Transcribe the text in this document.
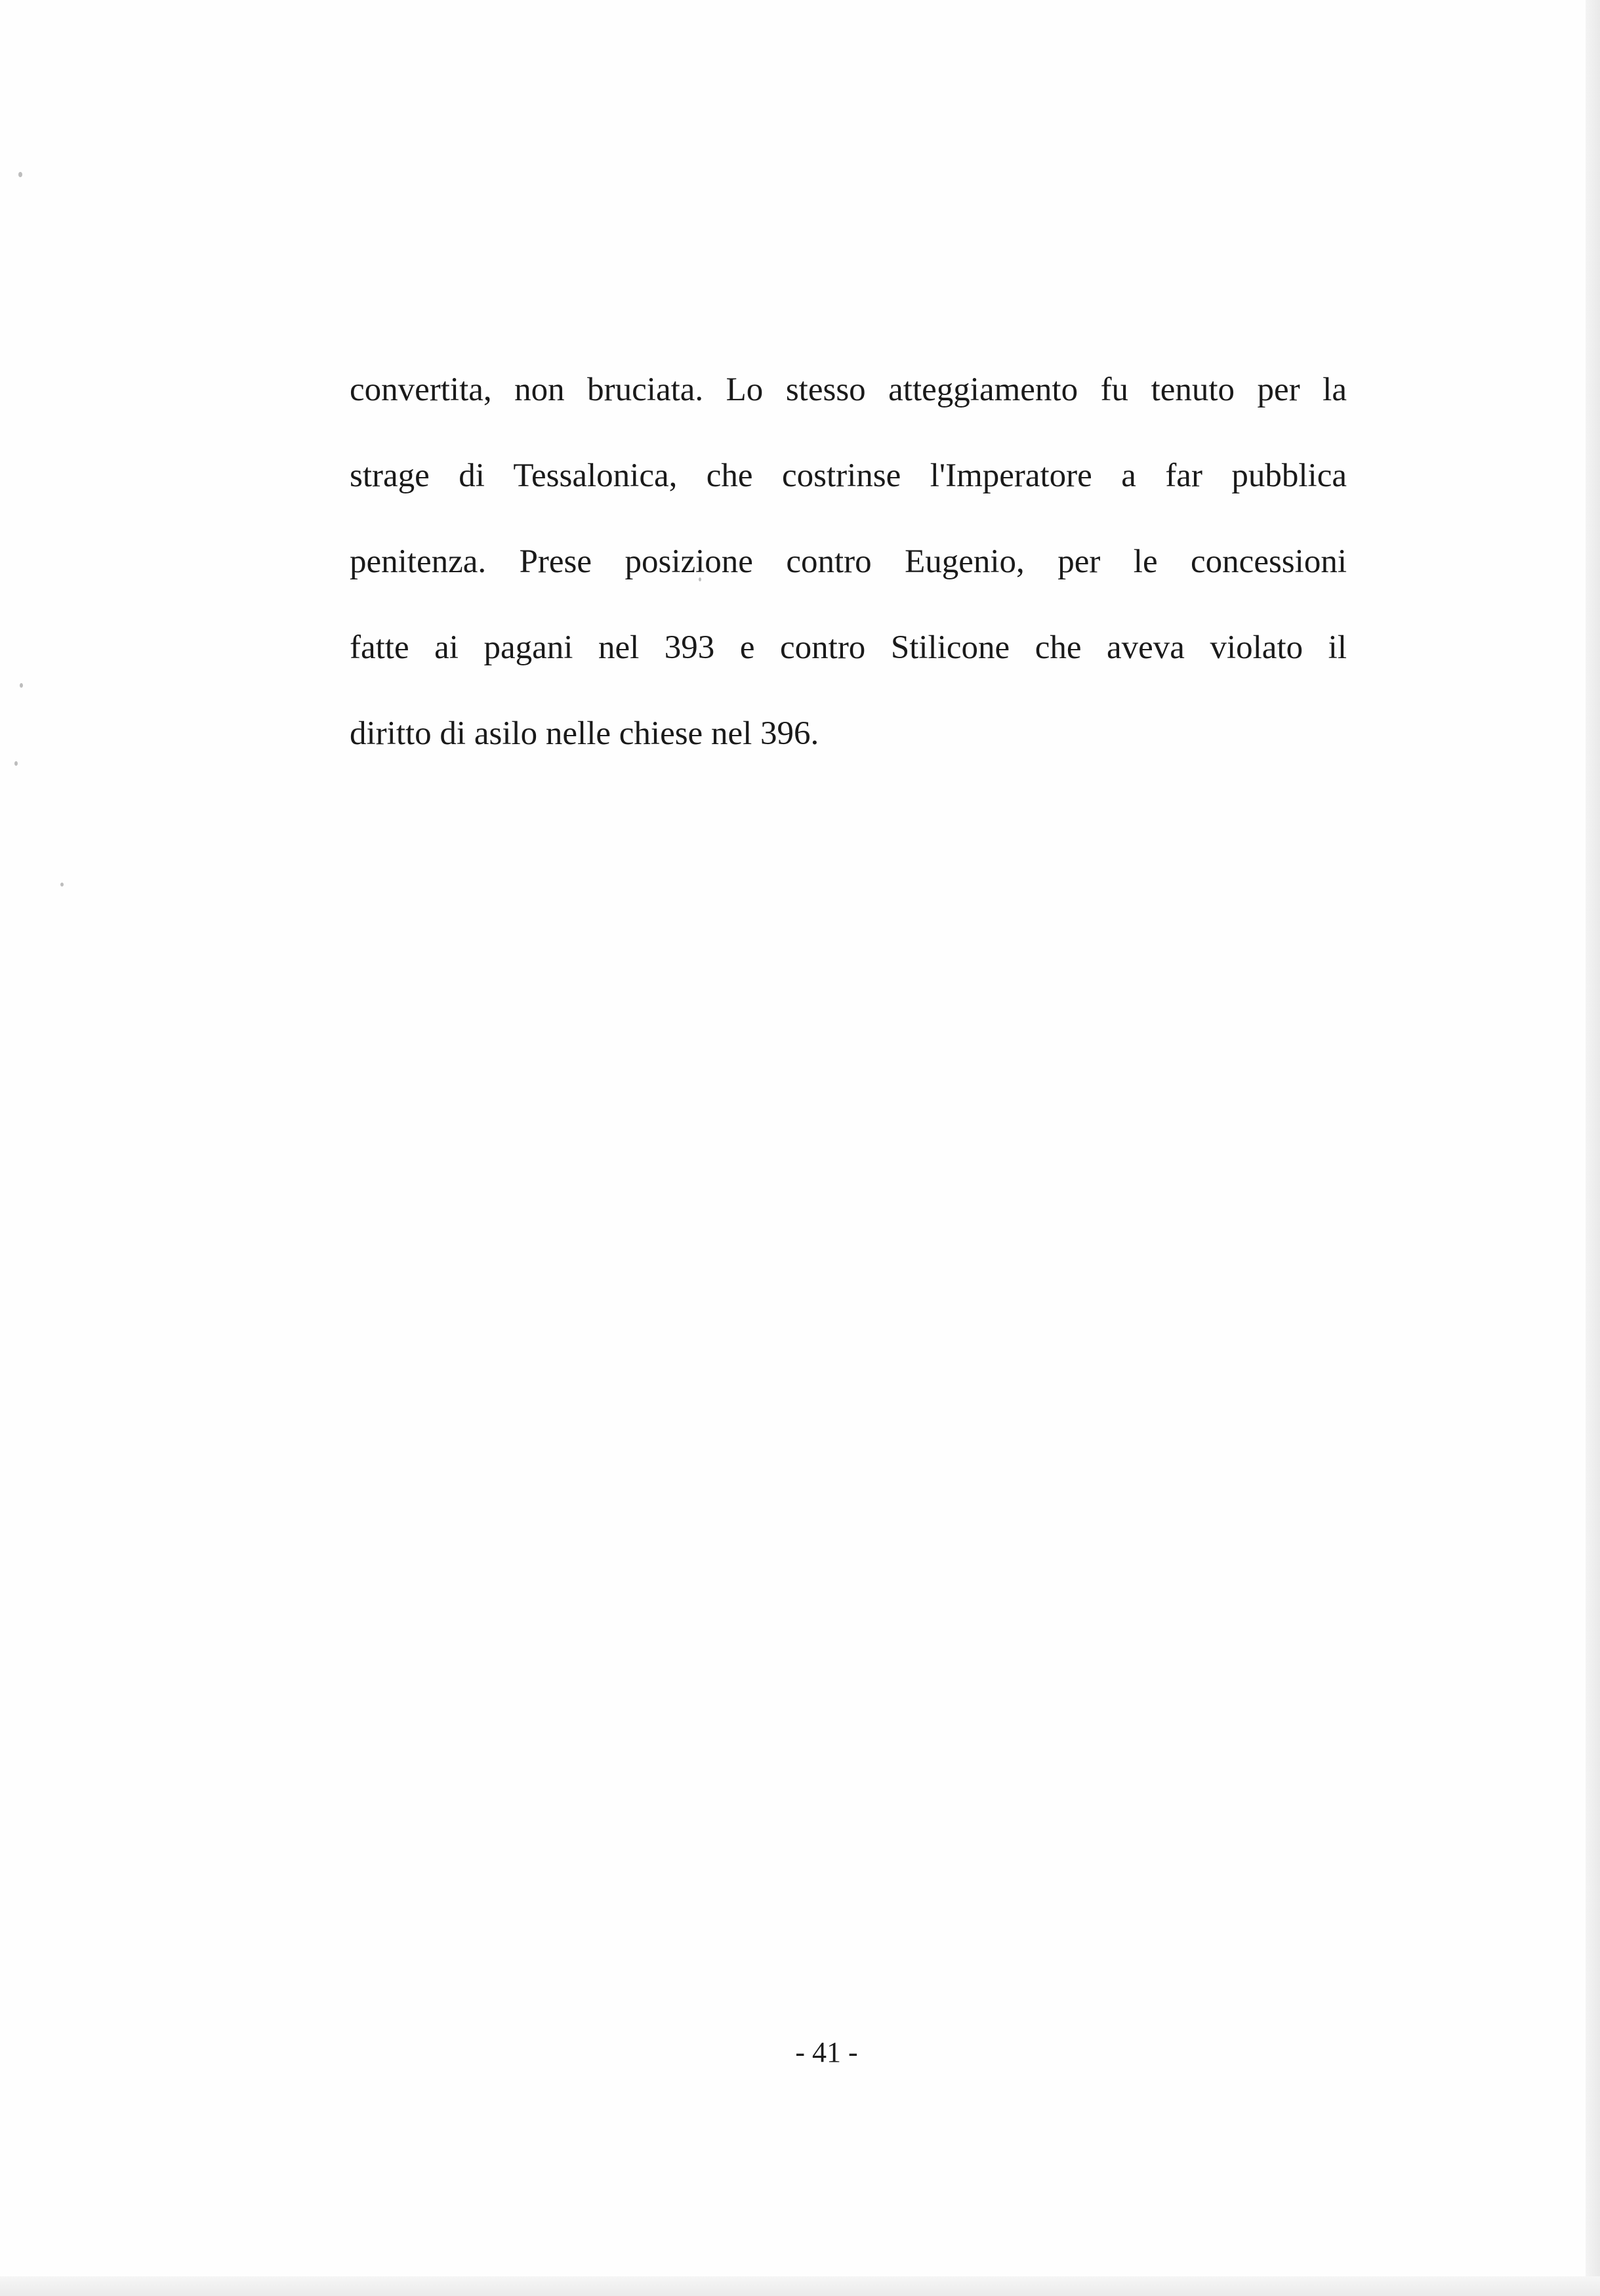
convertita, non bruciata. Lo stesso atteggiamento fu tenuto per la
strage di Tessalonica, che costrinse l'Imperatore a far pubblica
penitenza. Prese posizione contro Eugenio, per le concessioni
fatte ai pagani nel 393 e contro Stilicone che aveva violato il
diritto di asilo nelle chiese nel 396.
- 41 -
